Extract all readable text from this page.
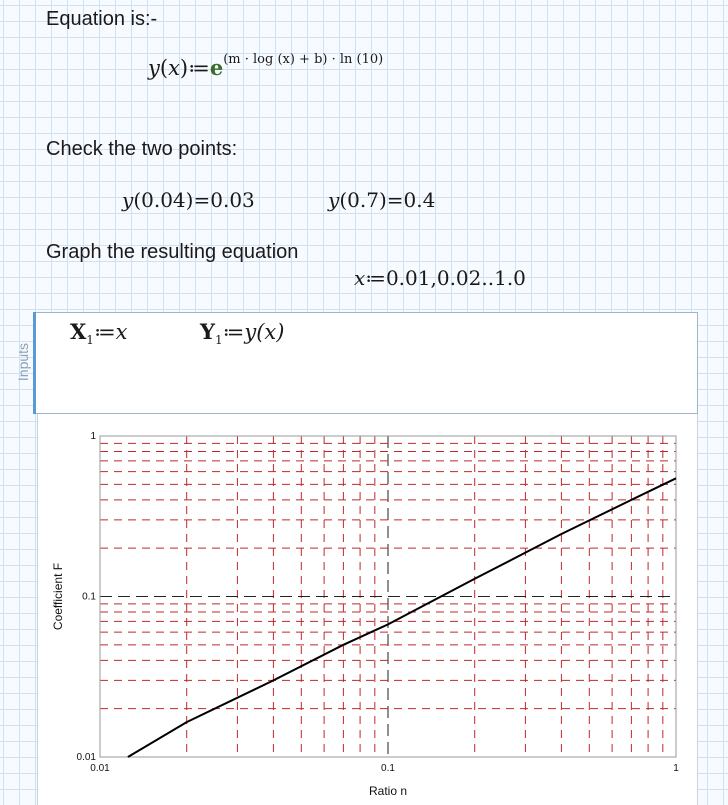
Equation is:-
$y(x)≔e^{(m \cdot log (x) + b) \cdot ln (10)}$
Check the two points:
y(0.04)=0.03	y(0.7)=0.4
Graph the resulting equation
x≔0.01,0.02..1.0
Inputs
$X_1≔x$	$Y_1≔y(x)$
0.01	0.1	1
0.01
0.1
1
Ratio n
Coefficient F
